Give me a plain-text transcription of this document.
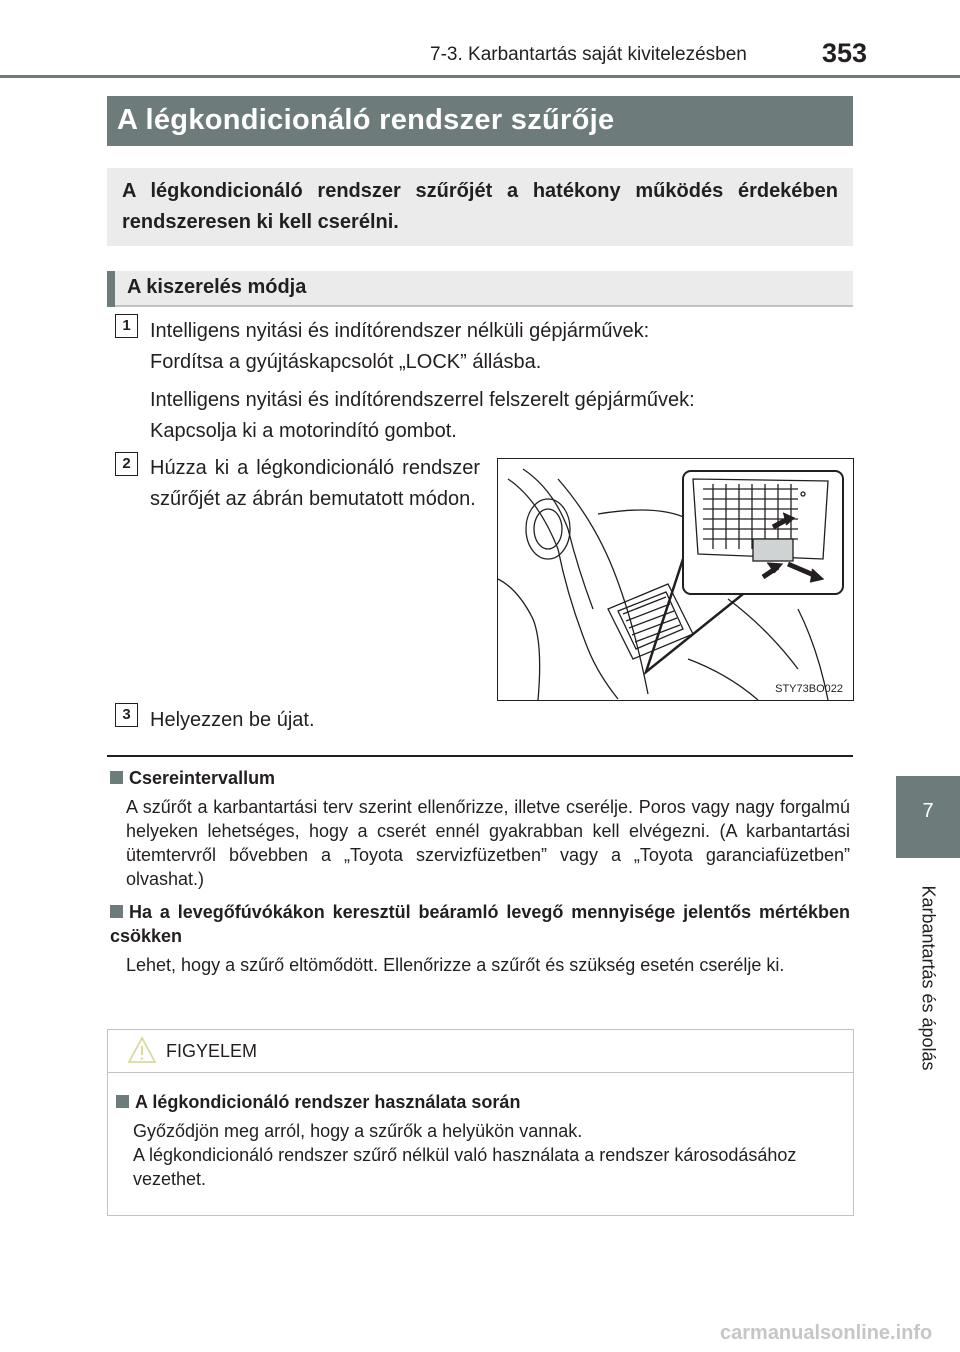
7-3. Karbantartás saját kivitelezésben	353
A légkondicionáló rendszer szűrője
A légkondicionáló rendszer szűrőjét a hatékony működés érdekében rendszeresen ki kell cserélni.
A kiszerelés módja
1 Intelligens nyitási és indítórendszer nélküli gépjárművek:
Fordítsa a gyújtáskapcsolót „LOCK” állásba.
Intelligens nyitási és indítórendszerrel felszerelt gépjárművek:
Kapcsolja ki a motorindító gombot.
2 Húzza ki a légkondicionáló rendszer szűrőjét az ábrán bemutatott módon.
STY73BO022
3 Helyezzen be újat.
Csereintervallum
A szűrőt a karbantartási terv szerint ellenőrizze, illetve cserélje. Poros vagy nagy forgalmú helyeken lehetséges, hogy a cserét ennél gyakrabban kell elvégezni. (A karbantartási ütemtervről bővebben a „Toyota szervizfüzetben” vagy a „Toyota garanciafüzetben” olvashat.)
Ha a levegőfúvókákon keresztül beáramló levegő mennyisége jelentős mértékben csökken
Lehet, hogy a szűrő eltömődött. Ellenőrizze a szűrőt és szükség esetén cserélje ki.
FIGYELEM
A légkondicionáló rendszer használata során
Győződjön meg arról, hogy a szűrők a helyükön vannak.
A légkondicionáló rendszer szűrő nélkül való használata a rendszer károsodásához vezethet.
7
Karbantartás és ápolás
carmanualsonline.info
